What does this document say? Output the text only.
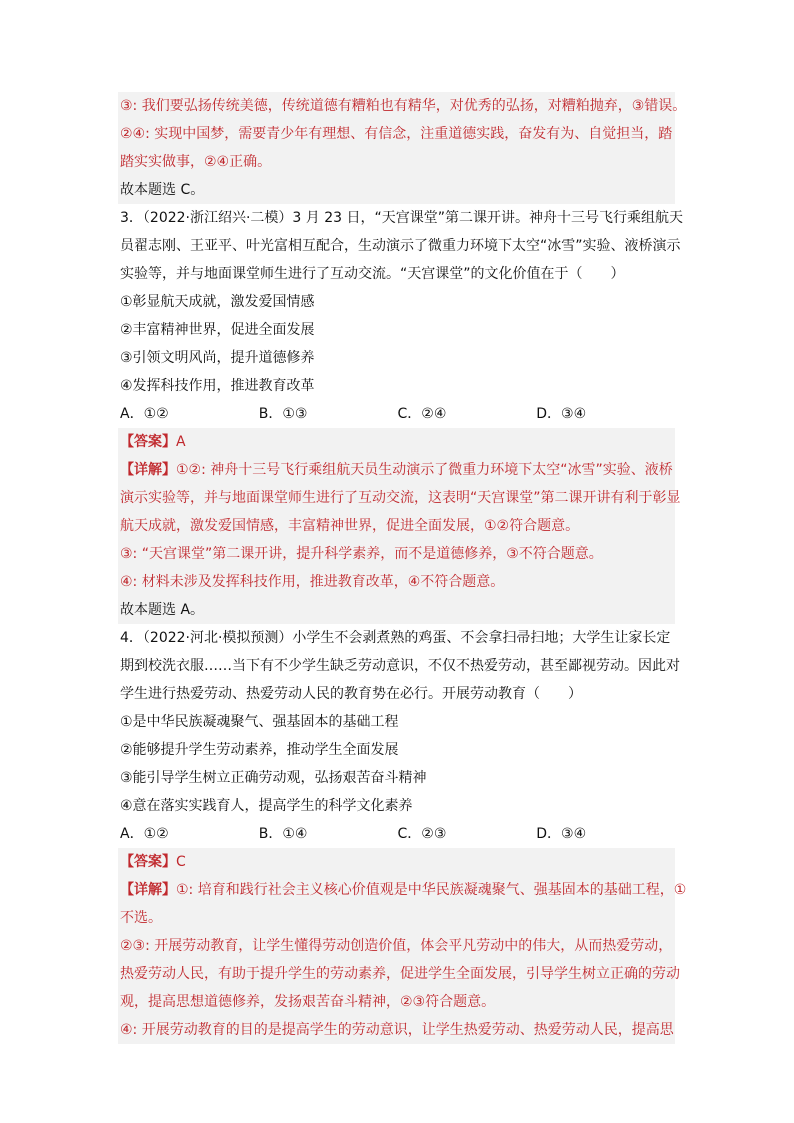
③: 我们要弘扬传统美德，传统道德有糟粕也有精华，对优秀的弘扬，对糟粕抛弃，③错误。
②④: 实现中国梦，需要青少年有理想、有信念，注重道德实践，奋发有为、自觉担当，踏
踏实实做事，②④正确。
故本题选 C。
3．（2022·浙江绍兴·二模）3 月 23 日，“天宫课堂”第二课开讲。神舟十三号飞行乘组航天
员翟志刚、王亚平、叶光富相互配合，生动演示了微重力环境下太空“冰雪”实验、液桥演示
实验等，并与地面课堂师生进行了互动交流。“天宫课堂”的文化价值在于（　　）
①彰显航天成就，激发爱国情感
②丰富精神世界，促进全面发展
③引领文明风尚，提升道德修养
④发挥科技作用，推进教育改革
A．①②	B．①③	C．②④	D．③④
【答案】A
【详解】①②: 神舟十三号飞行乘组航天员生动演示了微重力环境下太空“冰雪”实验、液桥
演示实验等，并与地面课堂师生进行了互动交流，这表明“天宫课堂”第二课开讲有利于彰显
航天成就，激发爱国情感，丰富精神世界，促进全面发展，①②符合题意。
③: “天宫课堂”第二课开讲，提升科学素养，而不是道德修养，③不符合题意。
④: 材料未涉及发挥科技作用，推进教育改革，④不符合题意。
故本题选 A。
4．（2022·河北·模拟预测）小学生不会剥煮熟的鸡蛋、不会拿扫帚扫地；大学生让家长定
期到校洗衣服……当下有不少学生缺乏劳动意识，不仅不热爱劳动，甚至鄙视劳动。因此对
学生进行热爱劳动、热爱劳动人民的教育势在必行。开展劳动教育（　　）
①是中华民族凝魂聚气、强基固本的基础工程
②能够提升学生劳动素养，推动学生全面发展
③能引导学生树立正确劳动观，弘扬艰苦奋斗精神
④意在落实实践育人，提高学生的科学文化素养
A．①②	B．①④	C．②③	D．③④
【答案】C
【详解】①: 培育和践行社会主义核心价值观是中华民族凝魂聚气、强基固本的基础工程，①
不选。
②③: 开展劳动教育，让学生懂得劳动创造价值，体会平凡劳动中的伟大，从而热爱劳动，
热爱劳动人民，有助于提升学生的劳动素养，促进学生全面发展，引导学生树立正确的劳动
观，提高思想道德修养，发扬艰苦奋斗精神，②③符合题意。
④: 开展劳动教育的目的是提高学生的劳动意识，让学生热爱劳动、热爱劳动人民，提高思
